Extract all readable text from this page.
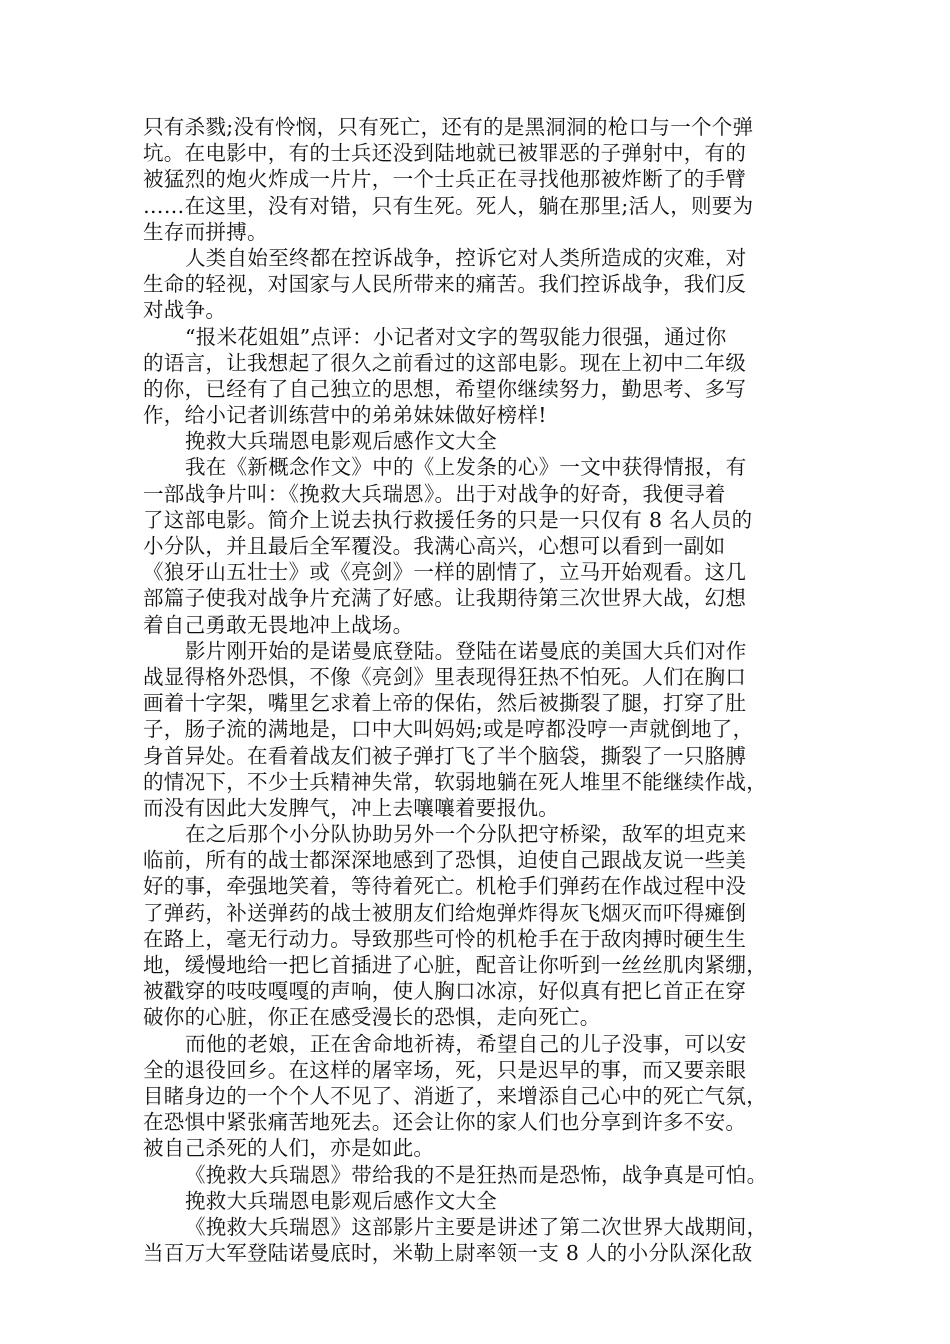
只有杀戮;没有怜悯，只有死亡，还有的是黑洞洞的枪口与一个个弹
坑。在电影中，有的士兵还没到陆地就已被罪恶的子弹射中，有的
被猛烈的炮火炸成一片片，一个士兵正在寻找他那被炸断了的手臂
……在这里，没有对错，只有生死。死人，躺在那里;活人，则要为
生存而拼搏。
人类自始至终都在控诉战争，控诉它对人类所造成的灾难，对
生命的轻视，对国家与人民所带来的痛苦。我们控诉战争，我们反
对战争。
“报米花姐姐”点评：小记者对文字的驾驭能力很强，通过你
的语言，让我想起了很久之前看过的这部电影。现在上初中二年级
的你，已经有了自己独立的思想，希望你继续努力，勤思考、多写
作，给小记者训练营中的弟弟妹妹做好榜样!
挽救大兵瑞恩电影观后感作文大全
我在《新概念作文》中的《上发条的心》一文中获得情报，有
一部战争片叫：《挽救大兵瑞恩》。出于对战争的好奇，我便寻着
了这部电影。简介上说去执行救援任务的只是一只仅有 8 名人员的
小分队，并且最后全军覆没。我满心高兴，心想可以看到一副如
《狼牙山五壮士》或《亮剑》一样的剧情了，立马开始观看。这几
部篇子使我对战争片充满了好感。让我期待第三次世界大战，幻想
着自己勇敢无畏地冲上战场。
影片刚开始的是诺曼底登陆。登陆在诺曼底的美国大兵们对作
战显得格外恐惧，不像《亮剑》里表现得狂热不怕死。人们在胸口
画着十字架，嘴里乞求着上帝的保佑，然后被撕裂了腿，打穿了肚
子，肠子流的满地是，口中大叫妈妈;或是哼都没哼一声就倒地了，
身首异处。在看着战友们被子弹打飞了半个脑袋，撕裂了一只胳膊
的情况下，不少士兵精神失常，软弱地躺在死人堆里不能继续作战，
而没有因此大发脾气，冲上去嚷嚷着要报仇。
在之后那个小分队协助另外一个分队把守桥梁，敌军的坦克来
临前，所有的战士都深深地感到了恐惧，迫使自己跟战友说一些美
好的事，牵强地笑着，等待着死亡。机枪手们弹药在作战过程中没
了弹药，补送弹药的战士被朋友们给炮弹炸得灰飞烟灭而吓得瘫倒
在路上，毫无行动力。导致那些可怜的机枪手在于敌肉搏时硬生生
地，缓慢地给一把匕首插进了心脏，配音让你听到一丝丝肌肉紧绷，
被戳穿的吱吱嘎嘎的声响，使人胸口冰凉，好似真有把匕首正在穿
破你的心脏，你正在感受漫长的恐惧，走向死亡。
而他的老娘，正在舍命地祈祷，希望自己的儿子没事，可以安
全的退役回乡。在这样的屠宰场，死，只是迟早的事，而又要亲眼
目睹身边的一个个人不见了、消逝了，来增添自己心中的死亡气氛，
在恐惧中紧张痛苦地死去。还会让你的家人们也分享到许多不安。
被自己杀死的人们，亦是如此。
《挽救大兵瑞恩》带给我的不是狂热而是恐怖，战争真是可怕。
挽救大兵瑞恩电影观后感作文大全
《挽救大兵瑞恩》这部影片主要是讲述了第二次世界大战期间，
当百万大军登陆诺曼底时，米勒上尉率领一支 8 人的小分队深化敌
